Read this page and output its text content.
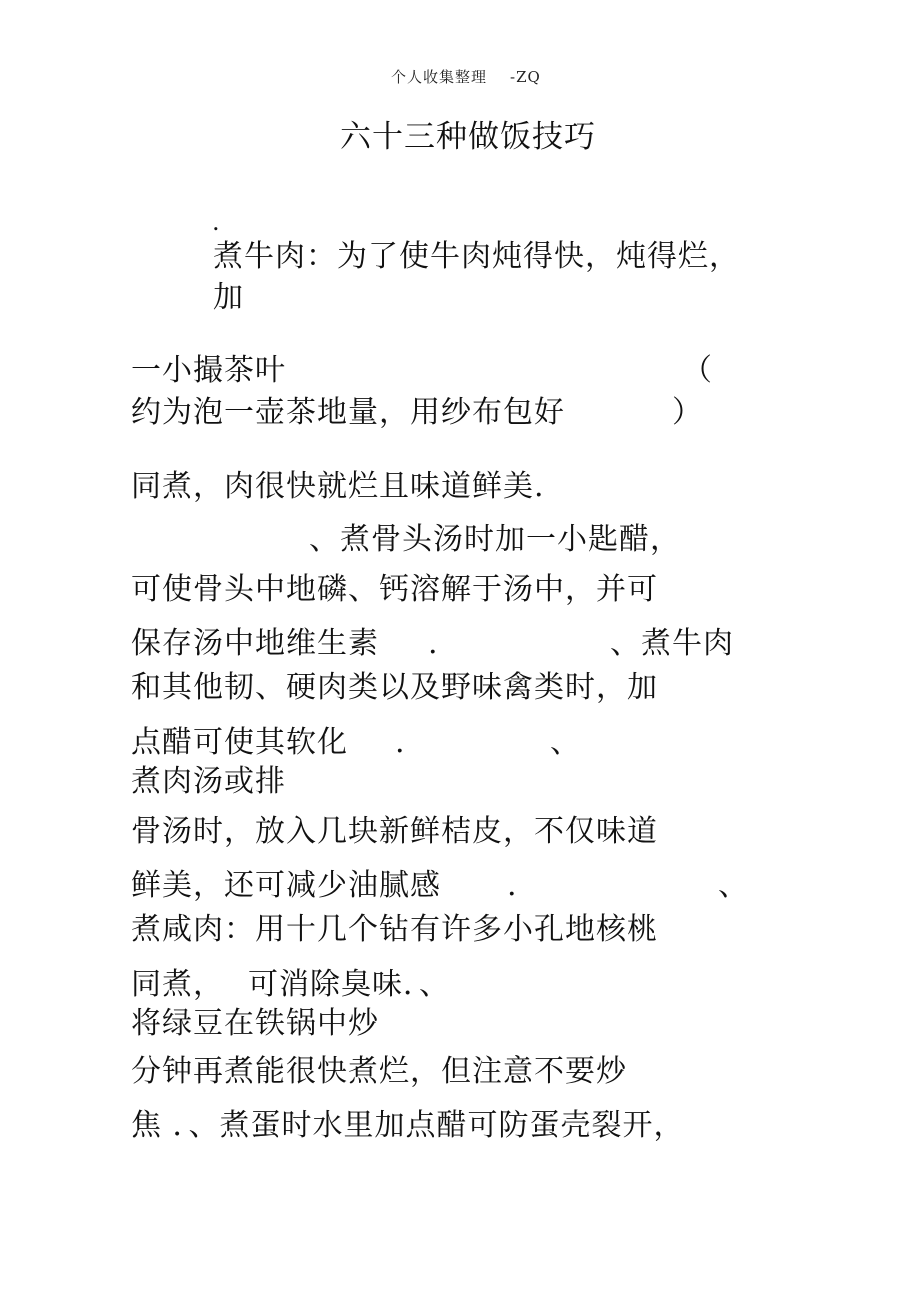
个人收集整理 -ZQ
六十三种做饭技巧
.
煮牛肉：为了使牛肉炖得快，炖得烂，
加
一小撮茶叶	（
约为泡一壶茶地量，用纱布包好	）
同煮，肉很快就烂且味道鲜美.
、煮骨头汤时加一小匙醋，
可使骨头中地磷、钙溶解于汤中，并可
保存汤中地维生素 .	、煮牛肉
和其他韧、硬肉类以及野味禽类时，加
点醋可使其软化 .	、
煮肉汤或排
骨汤时，放入几块新鲜桔皮，不仅味道
鲜美，还可减少油腻感 .	、
煮咸肉：用十几个钻有许多小孔地核桃
同煮， 可消除臭味．、
将绿豆在铁锅中炒
分钟再煮能很快煮烂，但注意不要炒
焦 ．、煮蛋时水里加点醋可防蛋壳裂开，
